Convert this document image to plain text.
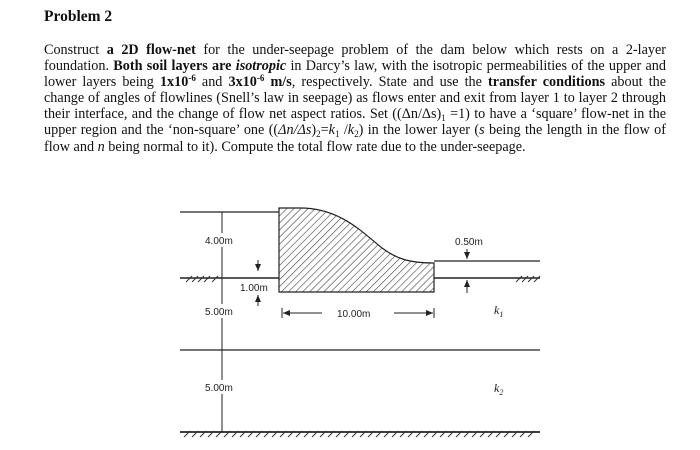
Problem 2
Construct a 2D flow-net for the under-seepage problem of the dam below which rests on a 2-layer foundation. Both soil layers are isotropic in Darcy’s law, with the isotropic permeabilities of the upper and lower layers being $1x10^{-6}$ and $3x10^{-6}$ m/s, respectively. State and use the transfer conditions about the change of angles of flowlines (Snell’s law in seepage) as flows enter and exit from layer 1 to layer 2 through their interface, and the change of flow net aspect ratios. Set $((\Delta n/\Delta s)_1 =1)$ to have a ‘square’ flow-net in the upper region and the ‘non-square’ one ($(\Delta n/\Delta s)_2=k_1$ $/k_2$) in the lower layer (s being the length in the flow of flow and n being normal to it). Compute the total flow rate due to the under-seepage.
4.00m
5.00m
5.00m
1.00m
10.00m
0.50m
$k_1$
$k_2$
